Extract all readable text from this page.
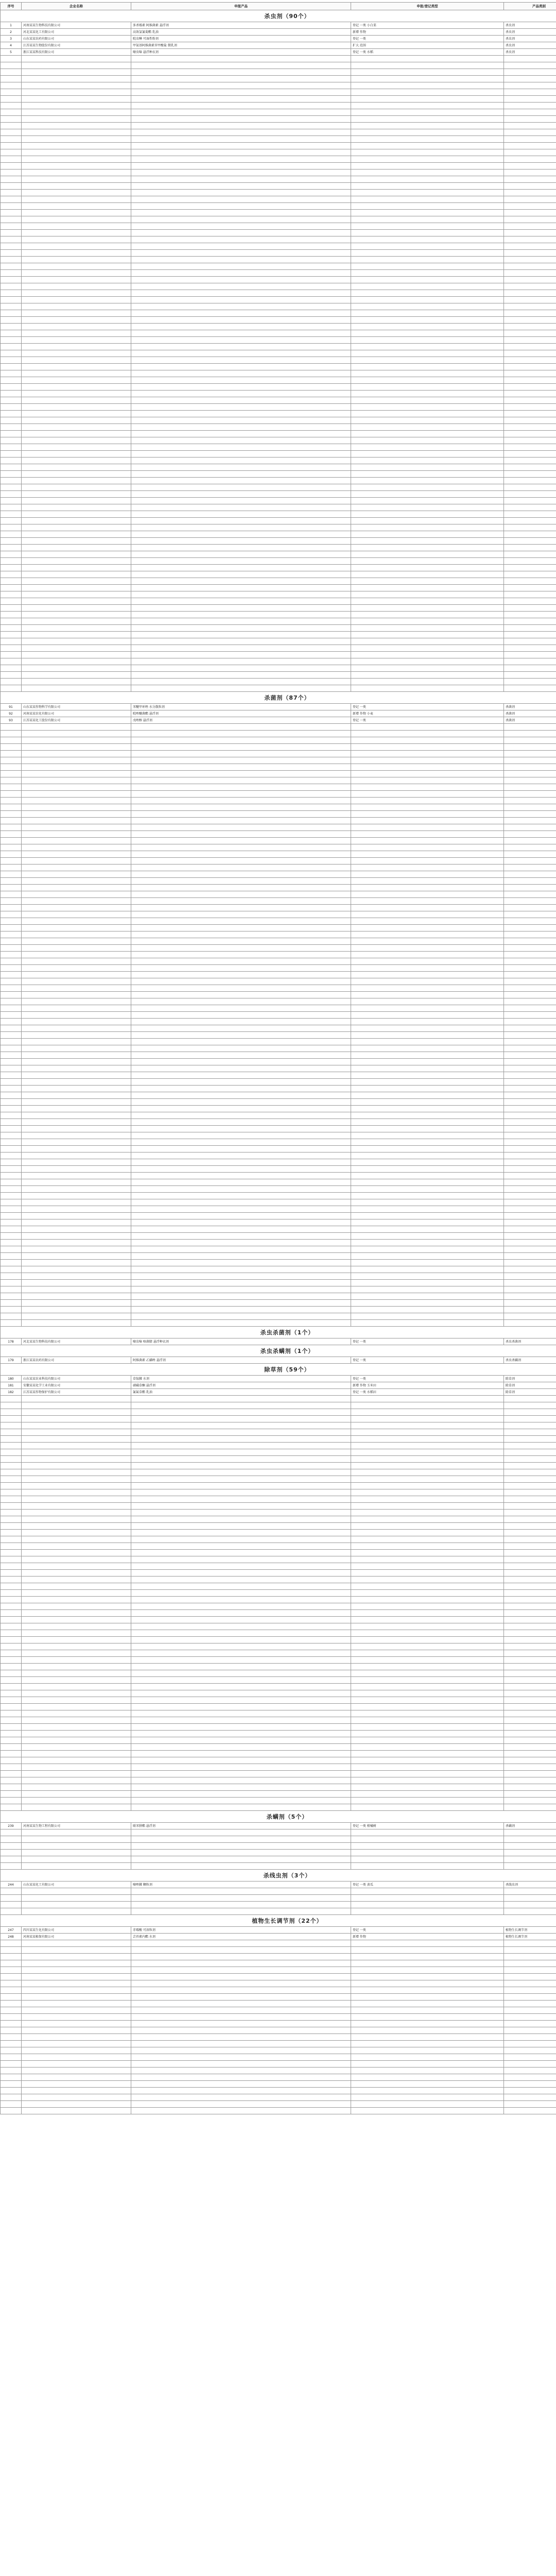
序号	企业名称	申报产品	申报/登记类型	产品类别
杀虫剂（90个）				
1	河南某某生物科技有限公司	多杀霉素 阿维菌素 悬浮剂	登记 一类 小白菜	杀虫剂
2	河北某某化工有限公司	高效氯氰菊酯 乳油	新增 作物	杀虫剂
3	山东某某农药有限公司	吡虫啉 可湿性粉剂	登记 一类	杀虫剂
4	江苏某某生物股份有限公司	甲氨基阿维菌素苯甲酸盐 微乳剂	扩大 范围	杀虫剂
5	浙江某某科技有限公司	噻虫嗪 悬浮种衣剂	登记 一类 水稻	杀虫剂

杀菌剂（87个）				
91	山东某某作物科学有限公司	苯醚甲环唑 水分散粒剂	登记 一类	杀菌剂
92	河南某某农化有限公司	吡唑醚菌酯 悬浮剂	新增 作物 小麦	杀菌剂
93	江苏某某化工股份有限公司	戊唑醇 悬浮剂	登记 一类	杀菌剂

杀虫杀菌剂（1个）				
178	河北某某生物科技有限公司	噻虫嗪 咯菌腈 悬浮种衣剂	登记 一类	杀虫杀菌剂
杀虫杀螨剂（1个）				
179	浙江某某农药有限公司	阿维菌素 乙螨唑 悬浮剂	登记 一类	杀虫杀螨剂
除草剂（59个）				
180	山东某某农业科技有限公司	草铵膦 水剂	登记 一类	除草剂
181	安徽某某化学工业有限公司	硝磺草酮 悬浮剂	新增 作物 玉米田	除草剂
182	江苏某某作物保护有限公司	氰氟草酯 乳油	登记 一类 水稻田	除草剂

杀螨剂（5个）				
239	河南某某生物工程有限公司	联苯肼酯 悬浮剂	登记 一类 柑橘树	杀螨剂

杀线虫剂（3个）				
244	山东某某化工有限公司	噻唑膦 颗粒剂	登记 一类 黄瓜	杀线虫剂

植物生长调节剂（22个）				
247	四川某某生化有限公司	赤霉酸 可溶粒剂	登记 一类	植物生长调节剂
248	河南某某植保有限公司	芸苔素内酯 水剂	新增 作物	植物生长调节剂
